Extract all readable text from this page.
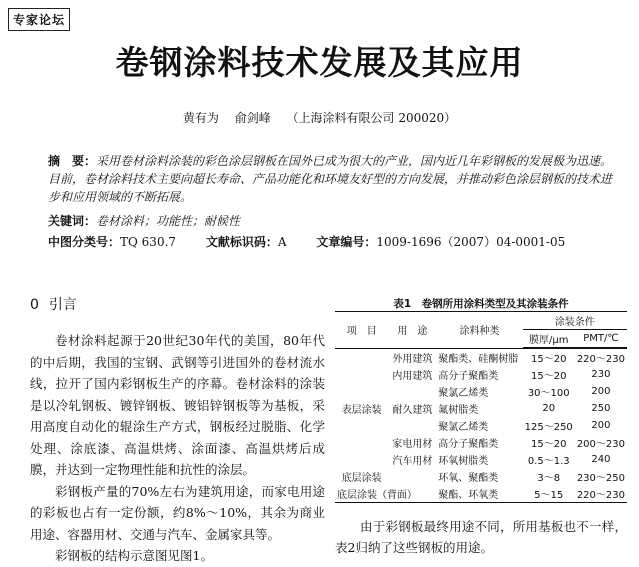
专家论坛
卷钢涂料技术发展及其应用
黄有为 俞剑峰 （上海涂料有限公司 200020）
摘　要：采用卷材涂料涂装的彩色涂层钢板在国外已成为很大的产业，国内近几年彩钢板的发展极为迅速。目前，卷材涂料技术主要向超长寿命、产品功能化和环境友好型的方向发展，并推动彩色涂层钢板的技术进步和应用领域的不断拓展。
关键词：卷材涂料；功能性；耐候性
中图分类号：TQ 630.7 文献标识码：A 文章编号：1009-1696（2007）04-0001-05
0 引言

卷材涂料起源于20世纪30年代的美国，80年代的中后期，我国的宝钢、武钢等引进国外的卷材流水线，拉开了国内彩钢板生产的序幕。卷材涂料的涂装是以冷轧钢板、镀锌钢板、镀铝锌钢板等为基板，采用高度自动化的辊涂生产方式，钢板经过脱脂、化学处理、涂底漆、高温烘烤、涂面漆、高温烘烤后成膜，并达到一定物理性能和抗性的涂层。

彩钢板产量的70%左右为建筑用途，而家电用途的彩板也占有一定份额，约8%～10%，其余为商业用途、容器用材、交通与汽车、金属家具等。

彩钢板的结构示意图见图1。

表1　卷钢所用涂料类型及其涂装条件
项　目	用　途	涂料种类	涂装条件	
			膜厚/μm	PMT/℃

	外用建筑	聚酯类、硅酮树脂	15～20	220～230
	内用建筑	高分子聚酯类	15～20	230
		聚氯乙烯类	30～100	200
表层涂装	耐久建筑	氟树脂类	20	250
		聚氯乙烯类	125～250	200
	家电用材	高分子聚酯类	15～20	200～230
	汽车用材	环氧树脂类	0.5～1.3	240
底层涂装		环氧、聚酯类	3～8	230～250
底层涂装（背面）		聚酯、环氧类	5～15	220～230

由于彩钢板最终用途不同，所用基板也不一样，表2归纳了这些钢板的用途。
